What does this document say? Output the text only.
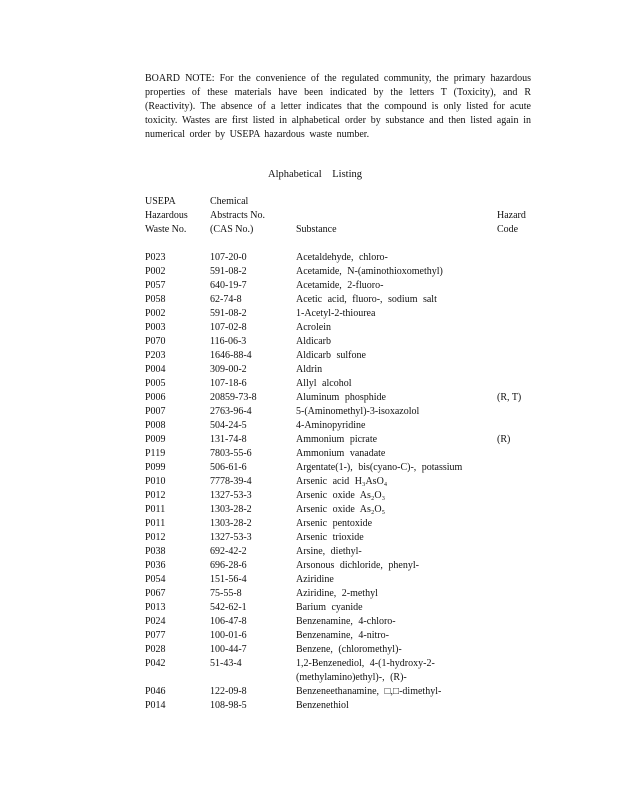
BOARD NOTE: For the convenience of the regulated community, the primary hazardous properties of these materials have been indicated by the letters T (Toxicity), and R (Reactivity). The absence of a letter indicates that the compound is only listed for acute toxicity. Wastes are first listed in alphabetical order by substance and then listed again in numerical order by USEPA hazardous waste number.
Alphabetical Listing
USEPA
Hazardous
Waste No.
Chemical
Abstracts No.
(CAS No.)	Substance
Hazard
Code
P023	107-20-0	Acetaldehyde, chloro-
P002	591-08-2	Acetamide, N-(aminothioxomethyl)
P057	640-19-7	Acetamide, 2-fluoro-
P058	62-74-8	Acetic acid, fluoro-, sodium salt
P002	591-08-2	1-Acetyl-2-thiourea
P003	107-02-8	Acrolein
P070	116-06-3	Aldicarb
P203	1646-88-4	Aldicarb sulfone
P004	309-00-2	Aldrin
P005	107-18-6	Allyl alcohol
P006	20859-73-8	Aluminum phosphide	(R, T)
P007	2763-96-4	5-(Aminomethyl)-3-isoxazolol
P008	504-24-5	4-Aminopyridine
P009	131-74-8	Ammonium picrate	(R)
P119	7803-55-6	Ammonium vanadate
P099	506-61-6	Argentate(1-), bis(cyano-C)-, potassium
P010	7778-39-4	Arsenic acid H₃AsO₄
P012	1327-53-3	Arsenic oxide As₂O₃
P011	1303-28-2	Arsenic oxide As₂O₅
P011	1303-28-2	Arsenic pentoxide
P012	1327-53-3	Arsenic trioxide
P038	692-42-2	Arsine, diethyl-
P036	696-28-6	Arsonous dichloride, phenyl-
P054	151-56-4	Aziridine
P067	75-55-8	Aziridine, 2-methyl
P013	542-62-1	Barium cyanide
P024	106-47-8	Benzenamine, 4-chloro-
P077	100-01-6	Benzenamine, 4-nitro-
P028	100-44-7	Benzene, (chloromethyl)-
P042	51-43-4	1,2-Benzenediol, 4-(1-hydroxy-2-(methylamino)ethyl)-, (R)-
P046	122-09-8	Benzeneethanamine, □,□-dimethyl-
P014	108-98-5	Benzenethiol
